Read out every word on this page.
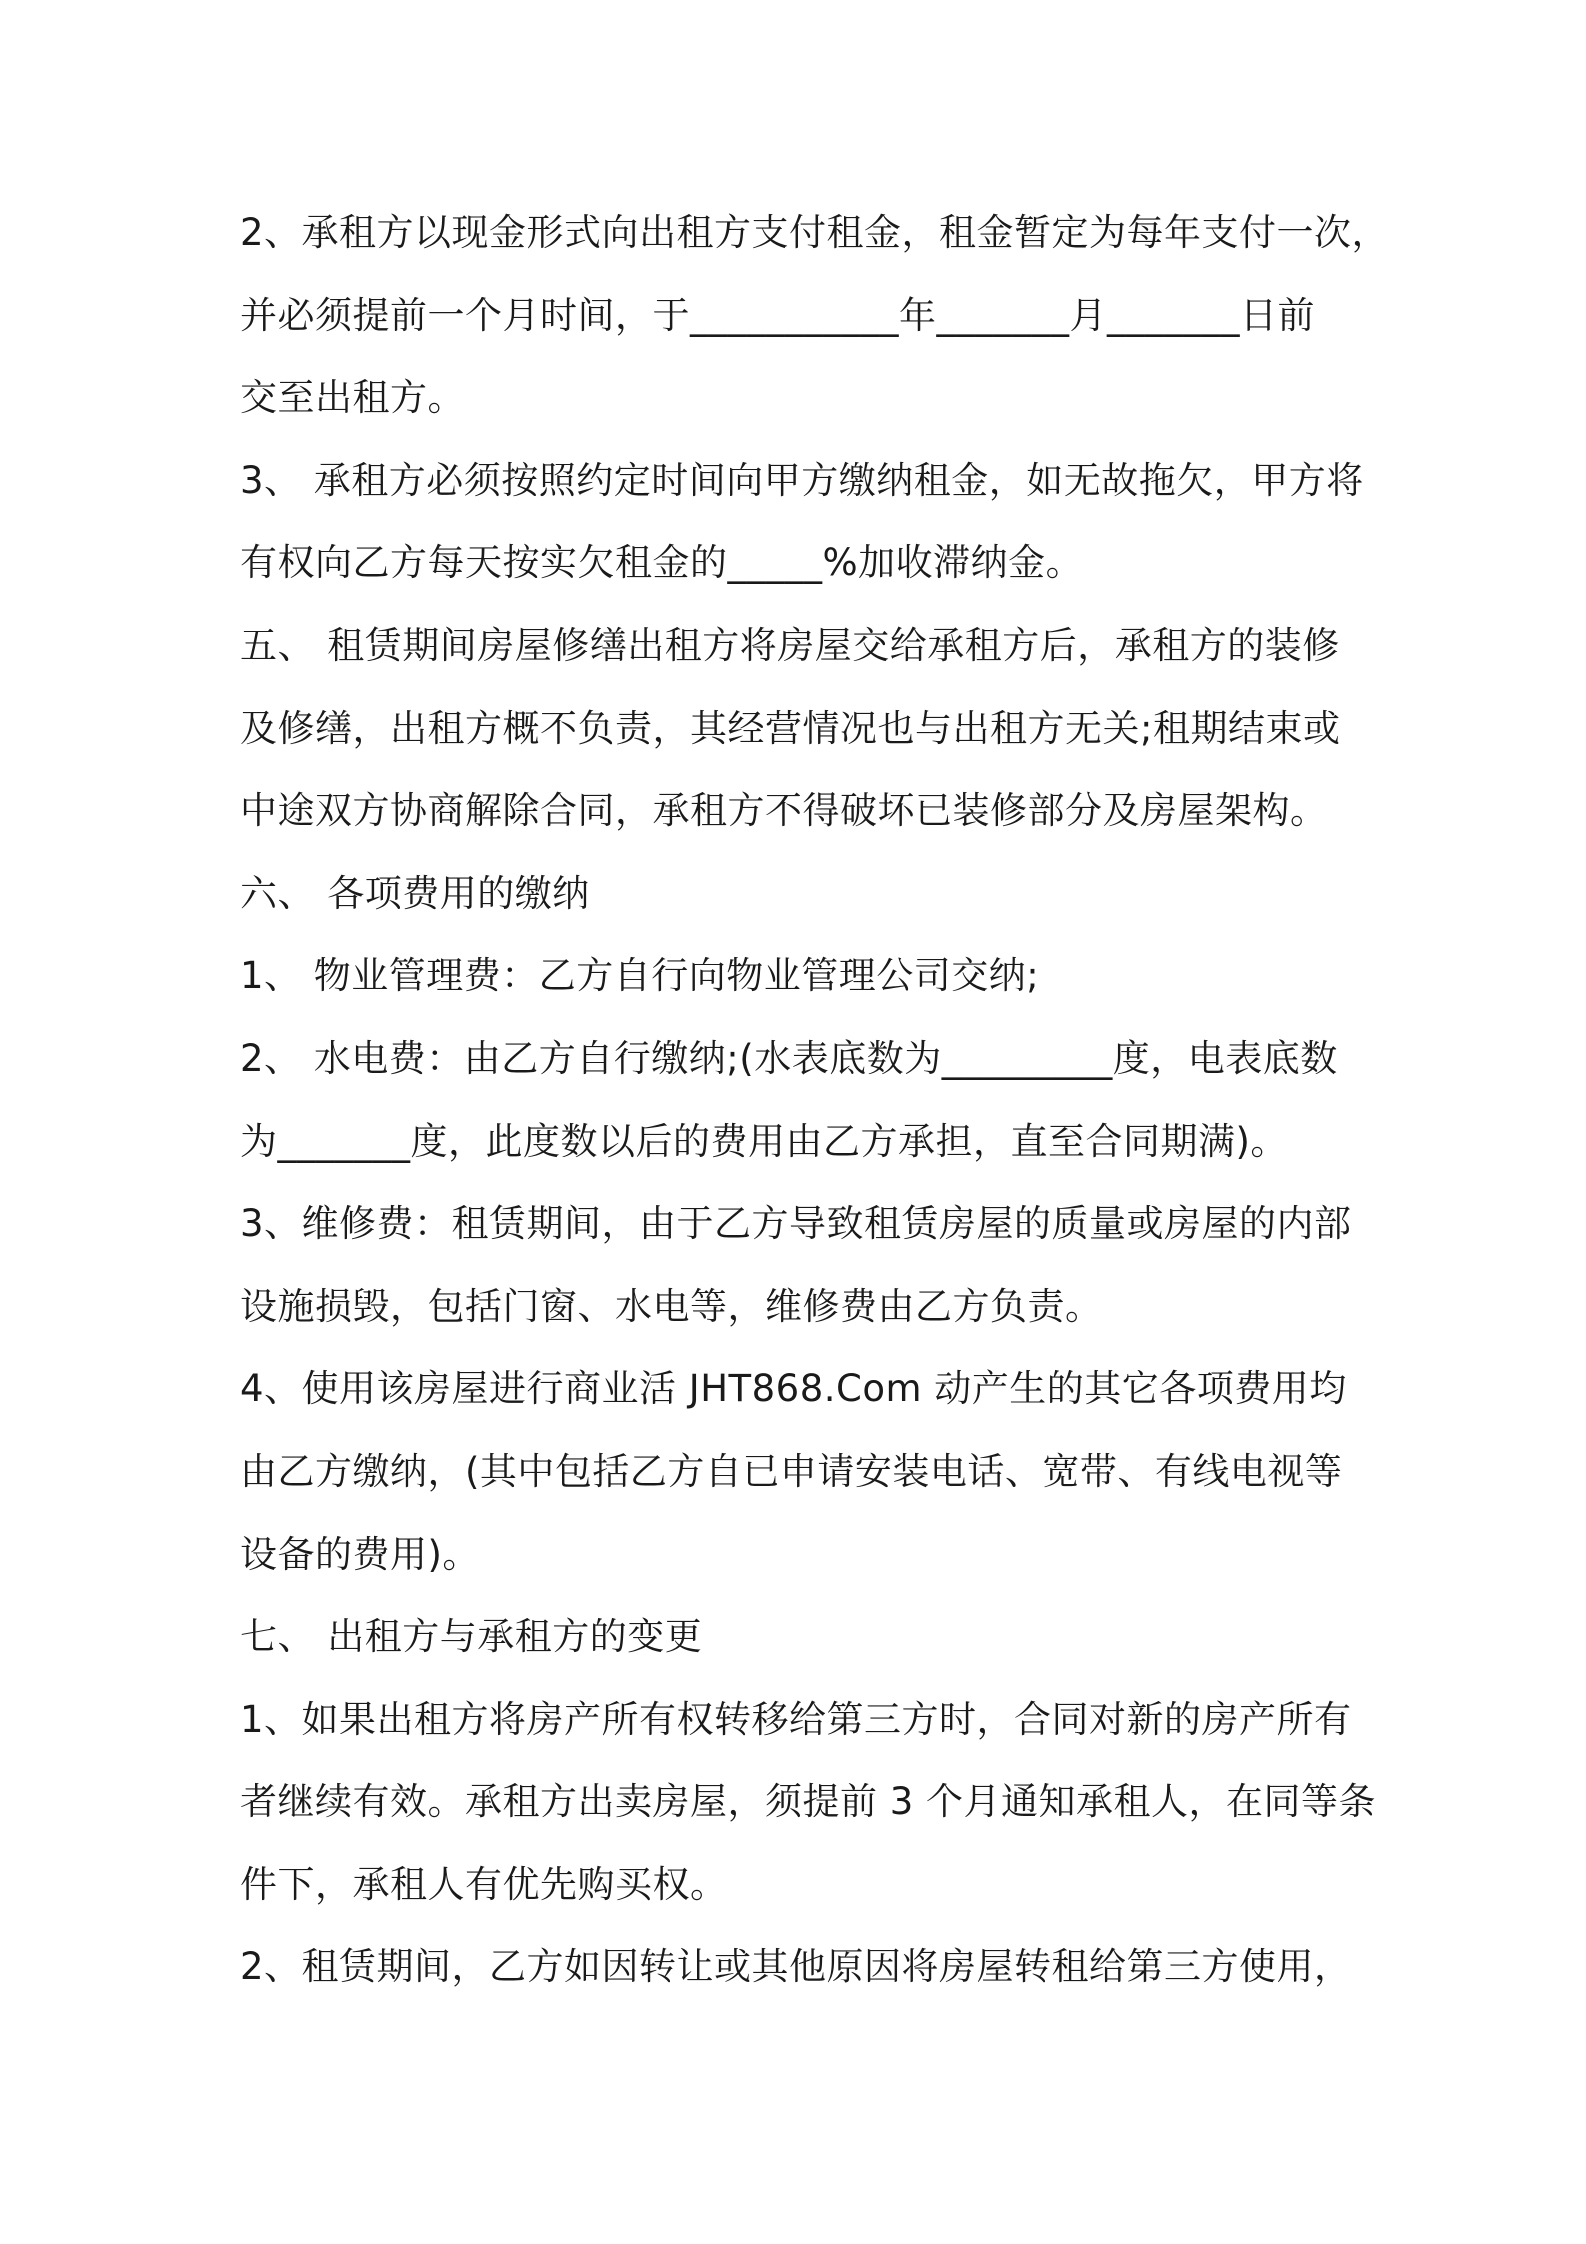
2、承租方以现金形式向出租方支付租金，租金暂定为每年支付一次，
并必须提前一个月时间，于___________年_______月_______日前
交至出租方。
3、 承租方必须按照约定时间向甲方缴纳租金，如无故拖欠，甲方将
有权向乙方每天按实欠租金的_____%加收滞纳金。
五、 租赁期间房屋修缮出租方将房屋交给承租方后，承租方的装修
及修缮，出租方概不负责，其经营情况也与出租方无关;租期结束或
中途双方协商解除合同，承租方不得破坏已装修部分及房屋架构。
六、 各项费用的缴纳
1、 物业管理费：乙方自行向物业管理公司交纳;
2、 水电费：由乙方自行缴纳;(水表底数为_________度，电表底数
为_______度，此度数以后的费用由乙方承担，直至合同期满)。
3、维修费：租赁期间，由于乙方导致租赁房屋的质量或房屋的内部
设施损毁，包括门窗、水电等，维修费由乙方负责。
4、使用该房屋进行商业活 JHT868.Com 动产生的其它各项费用均
由乙方缴纳，(其中包括乙方自已申请安装电话、宽带、有线电视等
设备的费用)。
七、 出租方与承租方的变更
1、如果出租方将房产所有权转移给第三方时，合同对新的房产所有
者继续有效。承租方出卖房屋，须提前 3 个月通知承租人，在同等条
件下，承租人有优先购买权。
2、租赁期间，乙方如因转让或其他原因将房屋转租给第三方使用，
